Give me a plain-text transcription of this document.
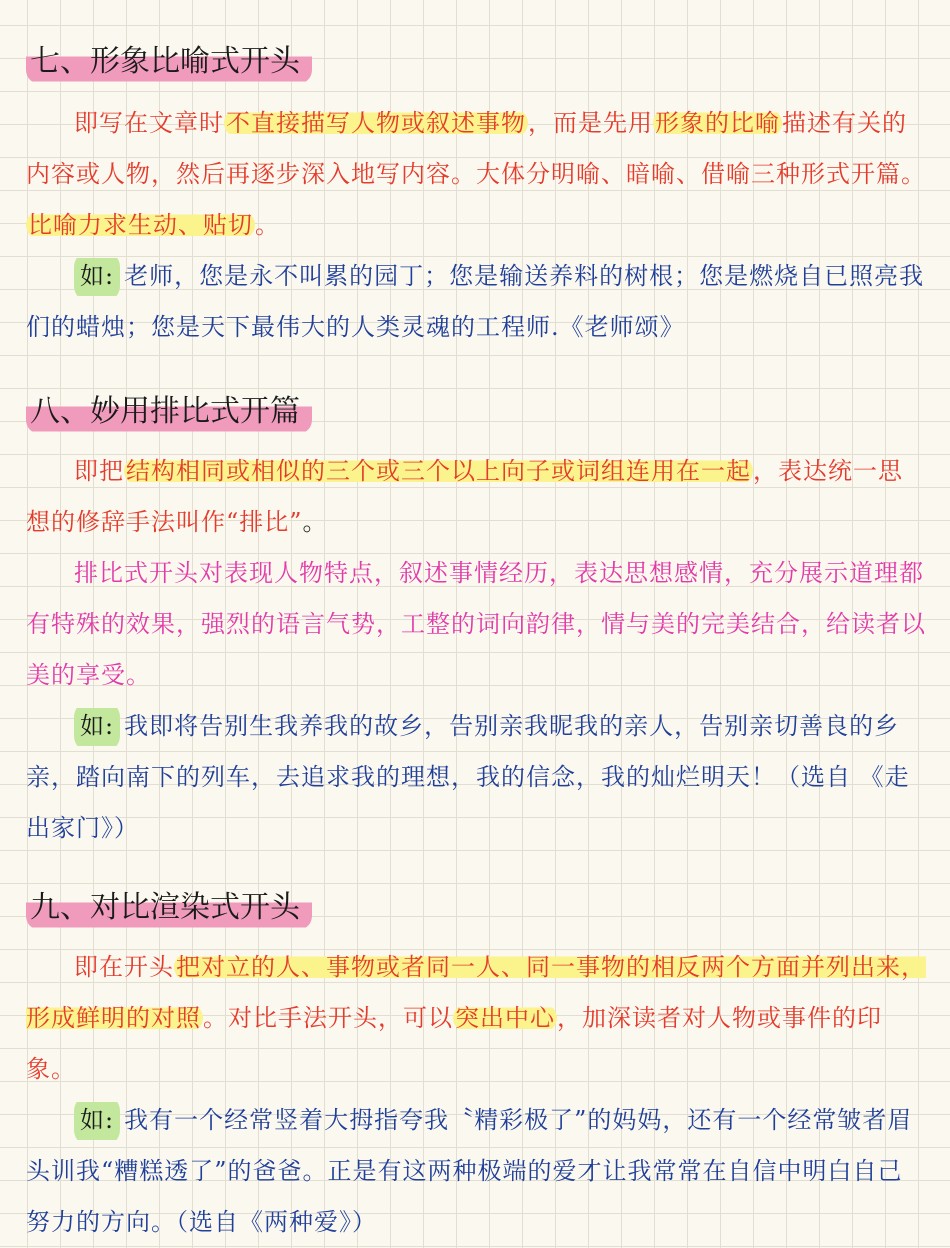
七、形象比喻式开头

即写在文章时不直接描写人物或叙述事物，而是先用形象的比喻描述有关的内容或人物，然后再逐步深入地写内容。大体分明喻、暗喻、借喻三种形式开篇。比喻力求生动、贴切。

如: 老师，您是永不叫累的园丁；您是输送养料的树根；您是燃烧自已照亮我们的蜡烛；您是天下最伟大的人类灵魂的工程师.《老师颂》

八、妙用排比式开篇

即把结构相同或相似的三个或三个以上向子或词组连用在一起，表达统一思想的修辞手法叫作“排比”。

排比式开头对表现人物特点，叙述事情经历，表达思想感情，充分展示道理都有特殊的效果，强烈的语言气势，工整的词向韵律，情与美的完美结合，给读者以美的享受。

如: 我即将告别生我养我的故乡，告别亲我昵我的亲人，告别亲切善良的乡亲，踏向南下的列车，去追求我的理想，我的信念，我的灿烂明天！（选自 《走出家门》）

九、对比渲染式开头

即在开头把对立的人、事物或者同一人、同一事物的相反两个方面并列出来，形成鲜明的对照。对比手法开头，可以突出中心，加深读者对人物或事件的印象。

如: 我有一个经常竖着大拇指夸我〝精彩极了”的妈妈，还有一个经常皱者眉头训我“糟糕透了”的爸爸。正是有这两种极端的爱才让我常常在自信中明白自己努力的方向。（选自《两种爱》）
